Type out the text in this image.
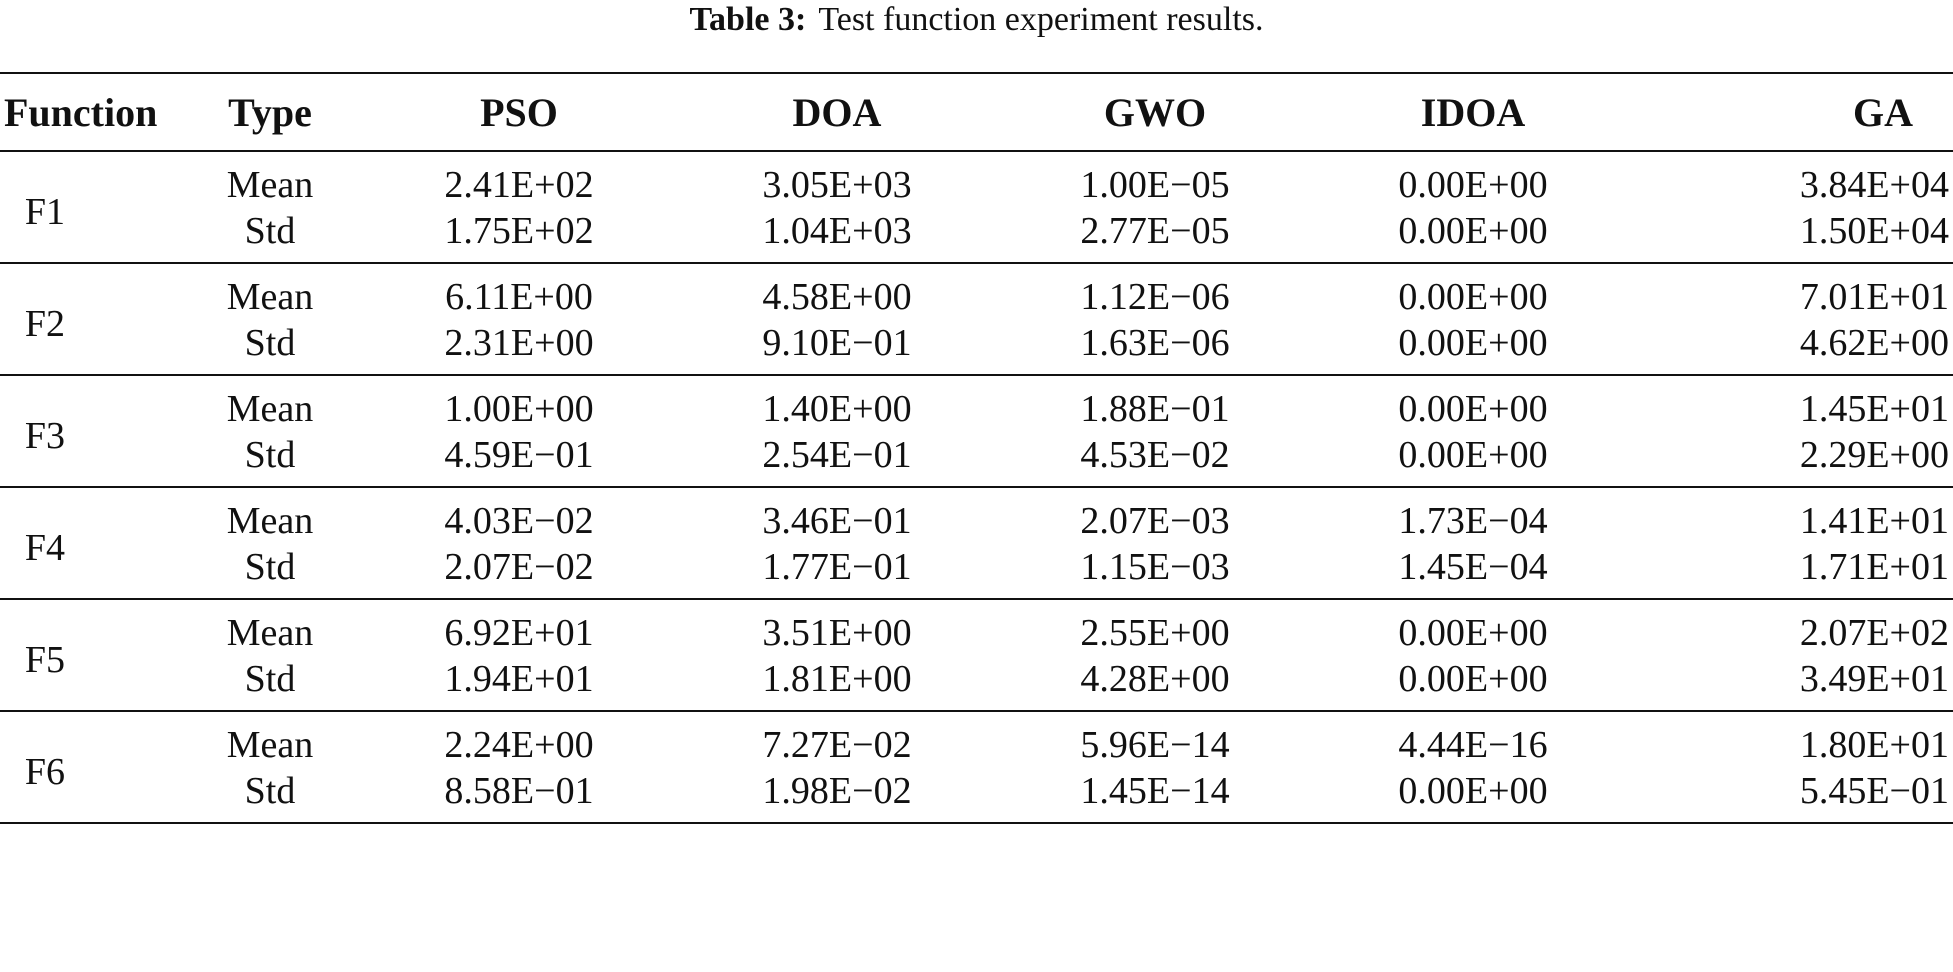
Table 3: Test function experiment results.
Function	Type	PSO	DOA	GWO	IDOA	GA
F1	Mean	2.41E+02	3.05E+03	1.00E−05	0.00E+00	3.84E+04
	Std	1.75E+02	1.04E+03	2.77E−05	0.00E+00	1.50E+04
F2	Mean	6.11E+00	4.58E+00	1.12E−06	0.00E+00	7.01E+01
	Std	2.31E+00	9.10E−01	1.63E−06	0.00E+00	4.62E+00
F3	Mean	1.00E+00	1.40E+00	1.88E−01	0.00E+00	1.45E+01
	Std	4.59E−01	2.54E−01	4.53E−02	0.00E+00	2.29E+00
F4	Mean	4.03E−02	3.46E−01	2.07E−03	1.73E−04	1.41E+01
	Std	2.07E−02	1.77E−01	1.15E−03	1.45E−04	1.71E+01
F5	Mean	6.92E+01	3.51E+00	2.55E+00	0.00E+00	2.07E+02
	Std	1.94E+01	1.81E+00	4.28E+00	0.00E+00	3.49E+01
F6	Mean	2.24E+00	7.27E−02	5.96E−14	4.44E−16	1.80E+01
	Std	8.58E−01	1.98E−02	1.45E−14	0.00E+00	5.45E−01
